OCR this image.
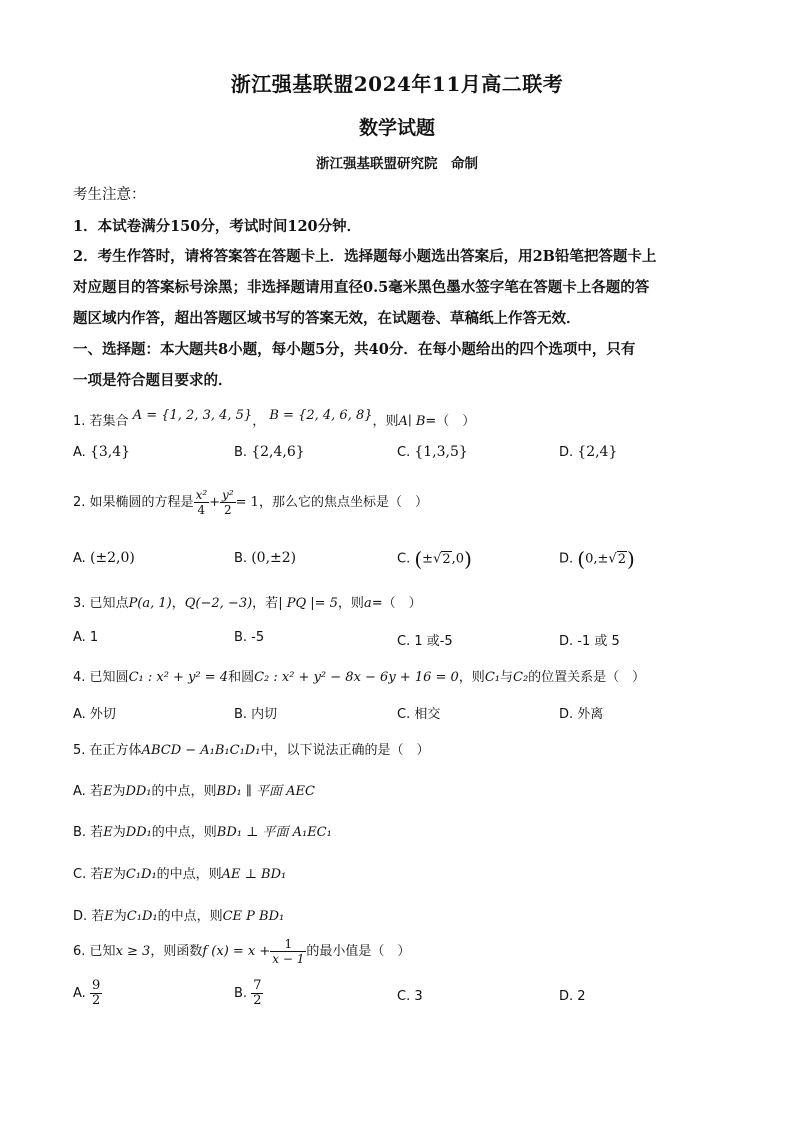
浙江强基联盟2024年11月高二联考
数学试题
浙江强基联盟研究院　命制
考生注意：
1．本试卷满分150分，考试时间120分钟．
2．考生作答时，请将答案答在答题卡上．选择题每小题选出答案后，用2B铅笔把答题卡上
对应题目的答案标号涂黑；非选择题请用直径0.5毫米黑色墨水签字笔在答题卡上各题的答
题区域内作答，超出答题区域书写的答案无效，在试题卷、草稿纸上作答无效．
一、选择题：本大题共8小题，每小题5分，共40分．在每小题给出的四个选项中，只有
一项是符合题目要求的．
1. 若集合 A = {1, 2, 3, 4, 5}， B = {2, 4, 6, 8}，则A∣ B=（　）
A. {3,4}	B. {2,4,6}	C. {1,3,5}	D. {2,4}
2. 如果椭圆的方程是 $\frac{\text{x²}}{4} + \frac{\text{y²}}{2} = 1$，那么它的焦点坐标是（　）
A. (±2,0)	B. (0,±2)	C. (±√2,0)	D. (0,±√2)
3. 已知点P(a, 1)，Q(−2, −3)，若| PQ |= 5，则a=（　）
A. 1	B. -5	C. 1 或-5	D. -1 或 5
4. 已知圆C₁ : x² + y² = 4和圆C₂ : x² + y² − 8x − 6y + 16 = 0，则C₁与C₂的位置关系是（　）
A. 外切	B. 内切	C. 相交	D. 外离
5. 在正方体ABCD − A₁B₁C₁D₁中，以下说法正确的是（　）
A. 若E为DD₁的中点，则BD₁ ∥ 平面 AEC
B. 若E为DD₁的中点，则BD₁ ⊥ 平面 A₁EC₁
C. 若E为C₁D₁的中点，则AE ⊥ BD₁
D. 若E为C₁D₁的中点，则CE P BD₁
6. 已知x ≥ 3，则函数f $(x) = x + \frac{1}{x - 1}$ 的最小值是（　）
A. $\frac{9}{2}$	B. $\frac{7}{2}$	C. 3	D. 2
